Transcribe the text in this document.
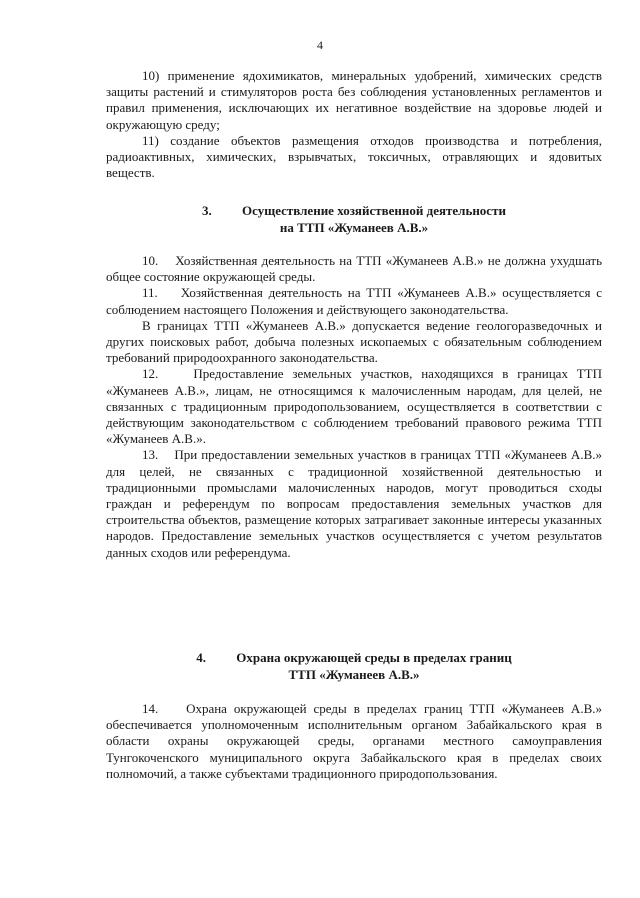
4

10) применение ядохимикатов, минеральных удобрений, химических средств защиты растений и стимуляторов роста без соблюдения установленных регламентов и правил применения, исключающих их негативное воздействие на здоровье людей и окружающую среду;

11) создание объектов размещения отходов производства и потребления, радиоактивных, химических, взрывчатых, токсичных, отравляющих и ядовитых веществ.

3. Осуществление хозяйственной деятельности
на ТТП «Жуманеев А.В.»

10.    Хозяйственная деятельность на ТТП «Жуманеев А.В.» не должна ухудшать общее состояние окружающей среды.

11.    Хозяйственная деятельность на ТТП «Жуманеев А.В.» осуществляется с соблюдением настоящего Положения и действующего законодательства.

В границах ТТП «Жуманеев А.В.» допускается ведение геологоразведочных и других поисковых работ, добыча полезных ископаемых с обязательным соблюдением требований природоохранного законодательства.

12.    Предоставление земельных участков, находящихся в границах ТТП «Жуманеев А.В.», лицам, не относящимся к малочисленным народам, для целей, не связанных с традиционным природопользованием, осуществляется в соответствии с действующим законодательством с соблюдением требований правового режима ТТП «Жуманеев А.В.».

13.    При предоставлении земельных участков в границах ТТП «Жуманеев А.В.» для целей, не связанных с традиционной хозяйственной деятельностью и традиционными промыслами малочисленных народов, могут проводиться сходы граждан и референдум по вопросам предоставления земельных участков для строительства объектов, размещение которых затрагивает законные интересы указанных народов. Предоставление земельных участков осуществляется с учетом результатов данных сходов или референдума.

4. Охрана окружающей среды в пределах границ
ТТП «Жуманеев А.В.»

14.    Охрана окружающей среды в пределах границ ТТП «Жуманеев А.В.» обеспечивается уполномоченным исполнительным органом Забайкальского края в области охраны окружающей среды, органами местного самоуправления Тунгокоченского муниципального округа Забайкальского края в пределах своих полномочий, а также субъектами традиционного природопользования.
